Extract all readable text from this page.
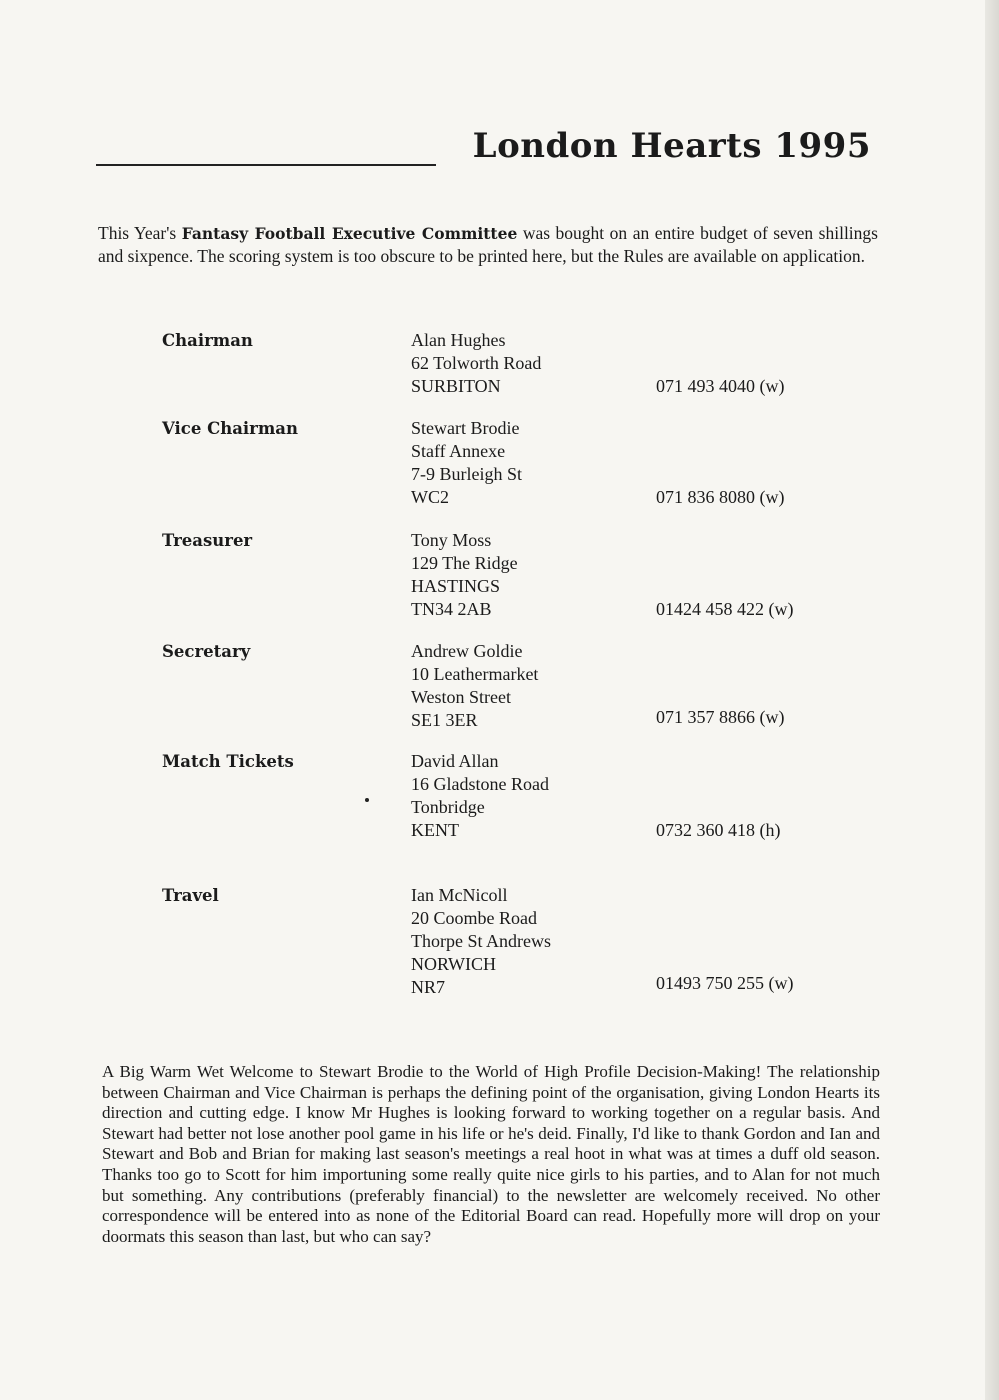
London Hearts 1995

This Year's Fantasy Football Executive Committee was bought on an entire budget of seven shillings and sixpence. The scoring system is too obscure to be printed here, but the Rules are available on application.

Chairman	Alan Hughes
62 Tolworth Road
SURBITON	071 493 4040 (w)
Vice Chairman	Stewart Brodie
Staff Annexe
7-9 Burleigh St
WC2	071 836 8080 (w)
Treasurer	Tony Moss
129 The Ridge
HASTINGS
TN34 2AB	01424 458 422 (w)
Secretary	Andrew Goldie
10 Leathermarket
Weston Street
SE1 3ER	071 357 8866 (w)
Match Tickets	David Allan
16 Gladstone Road
Tonbridge
KENT	0732 360 418 (h)
Travel	Ian McNicoll
20 Coombe Road
Thorpe St Andrews
NORWICH
NR7	01493 750 255 (w)

A Big Warm Wet Welcome to Stewart Brodie to the World of High Profile Decision-Making! The relationship between Chairman and Vice Chairman is perhaps the defining point of the organisation, giving London Hearts its direction and cutting edge. I know Mr Hughes is looking forward to working together on a regular basis. And Stewart had better not lose another pool game in his life or he's deid. Finally, I'd like to thank Gordon and Ian and Stewart and Bob and Brian for making last season's meetings a real hoot in what was at times a duff old season. Thanks too go to Scott for him importuning some really quite nice girls to his parties, and to Alan for not much but something. Any contributions (preferably financial) to the newsletter are welcomely received. No other correspondence will be entered into as none of the Editorial Board can read. Hopefully more will drop on your doormats this season than last, but who can say?
